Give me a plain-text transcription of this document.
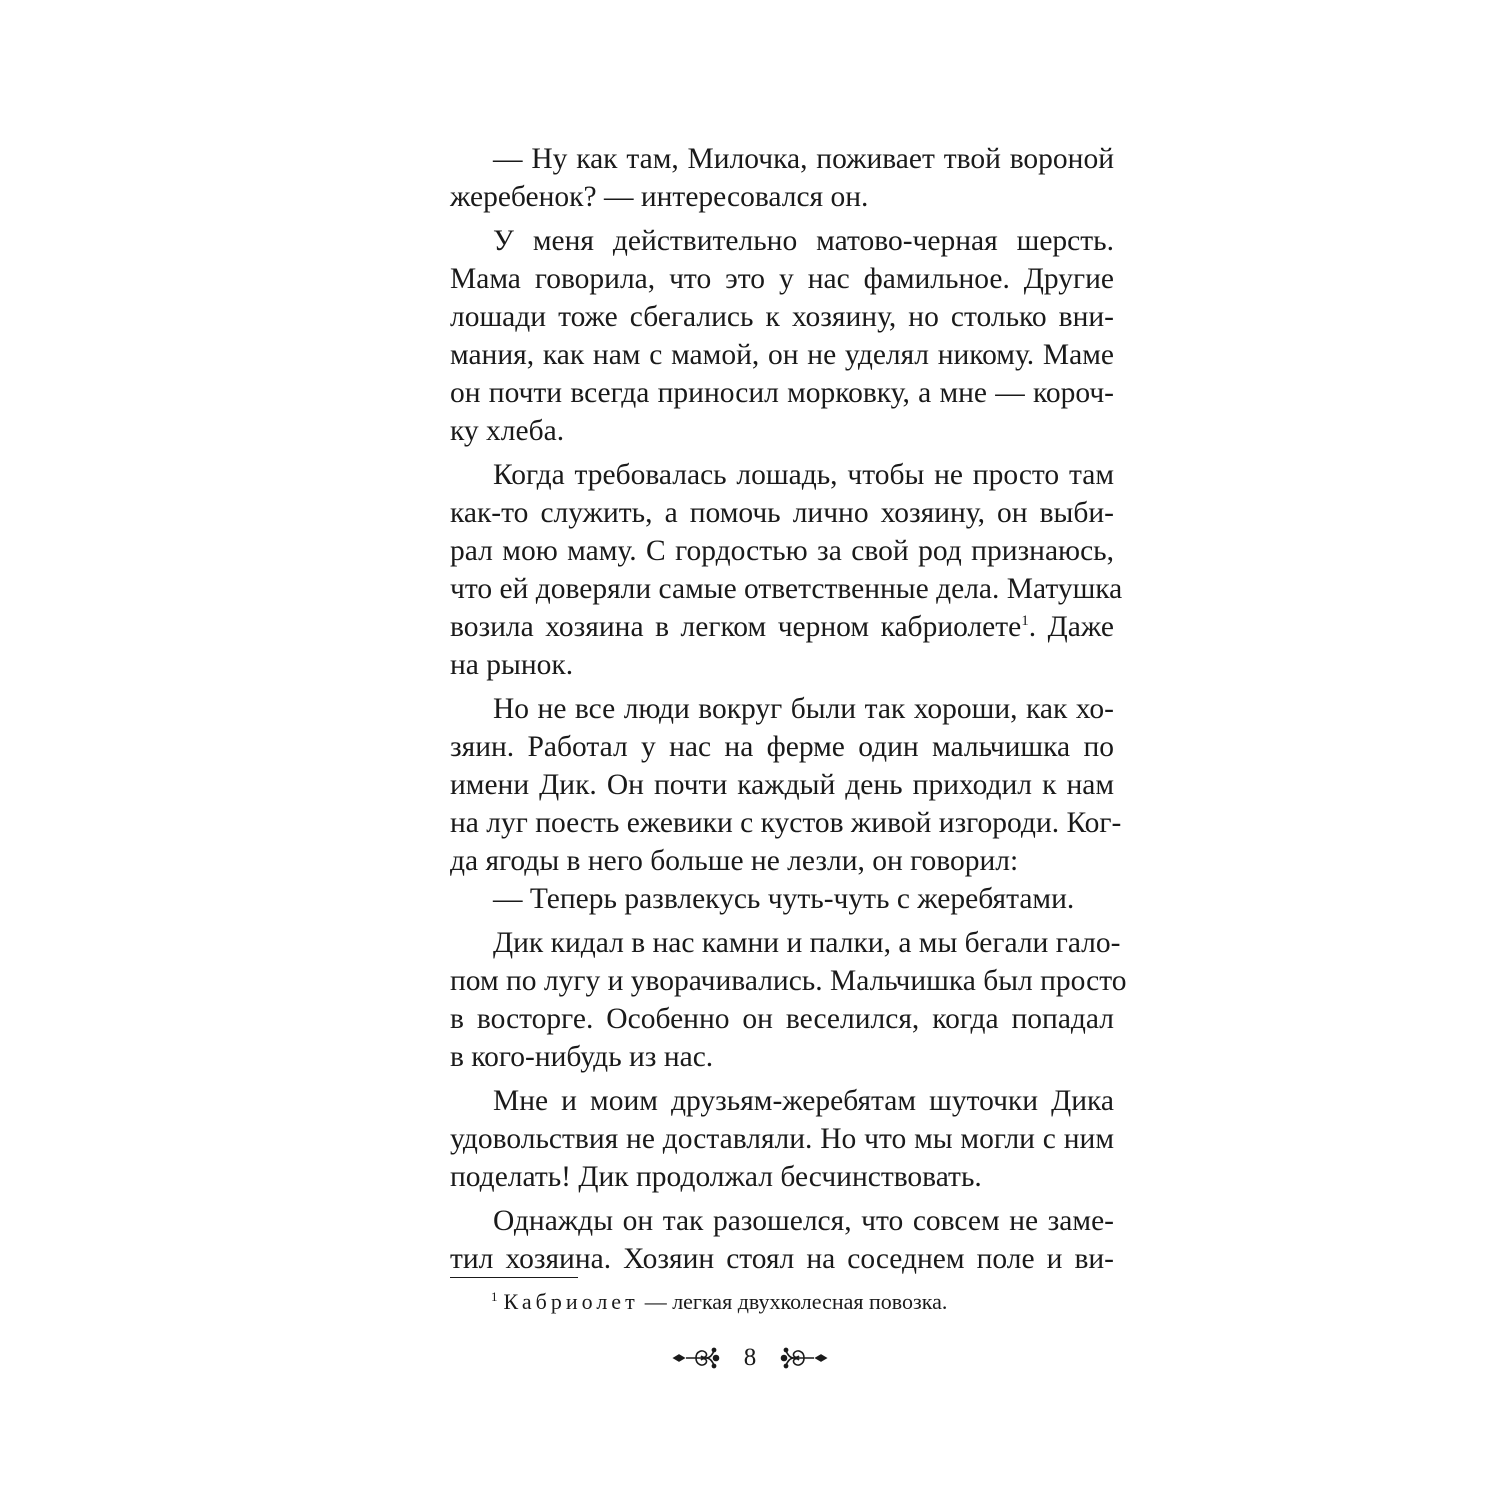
— Ну как там, Милочка, поживает твой вороной
жеребенок? — интересовался он.
У меня действительно матово-черная шерсть.
Мама говорила, что это у нас фамильное. Другие
лошади тоже сбегались к хозяину, но столько вни-
мания, как нам с мамой, он не уделял никому. Маме
он почти всегда приносил морковку, а мне — короч-
ку хлеба.
Когда требовалась лошадь, чтобы не просто там
как-то служить, а помочь лично хозяину, он выби-
рал мою маму. С гордостью за свой род признаюсь,
что ей доверяли самые ответственные дела. Матушка
возила хозяина в легком черном кабриолете$^1$. Даже
на рынок.
Но не все люди вокруг были так хороши, как хо-
зяин. Работал у нас на ферме один мальчишка по
имени Дик. Он почти каждый день приходил к нам
на луг поесть ежевики с кустов живой изгороди. Ког-
да ягоды в него больше не лезли, он говорил:
— Теперь развлекусь чуть-чуть с жеребятами.
Дик кидал в нас камни и палки, а мы бегали гало-
пом по лугу и уворачивались. Мальчишка был просто
в восторге. Особенно он веселился, когда попадал
в кого-нибудь из нас.
Мне и моим друзьям-жеребятам шуточки Дика
удовольствия не доставляли. Но что мы могли с ним
поделать! Дик продолжал бесчинствовать.
Однажды он так разошелся, что совсем не заме-
тил хозяина. Хозяин стоял на соседнем поле и ви-
$^1$ Кабриолет — легкая двухколесная повозка.
8
